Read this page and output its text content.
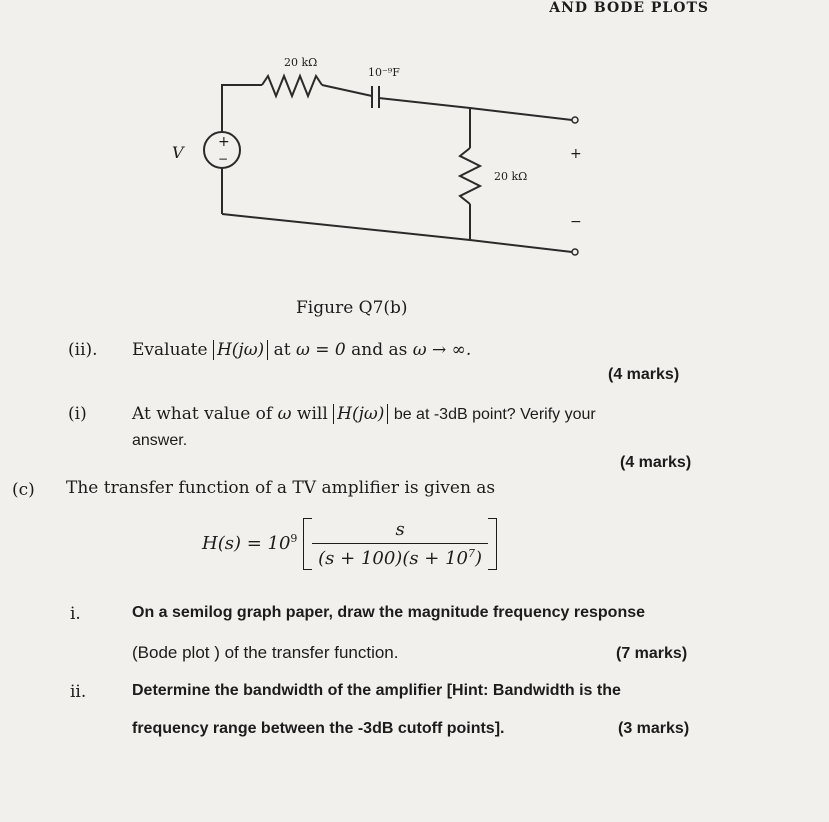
AND BODE PLOTS
20 kΩ
10⁻⁹F
20 kΩ
V
+
−	+
−
Figure Q7(b)
(ii). Evaluate H(jω) at ω = 0 and as ω → ∞.
(4 marks)
(i)	At what value of ω will H(jω) be at -3dB point? Verify your
answer.
(4 marks)
(c) The transfer function of a TV amplifier is given as
$H(s) = 10^9 \frac{s}{(s + 100)(s + 10^7)}$
i.	On a semilog graph paper, draw the magnitude frequency response
(Bode plot ) of the transfer function.	(7 marks)
ii.	Determine the bandwidth of the amplifier [Hint: Bandwidth is the
frequency range between the -3dB cutoff points].	(3 marks)
